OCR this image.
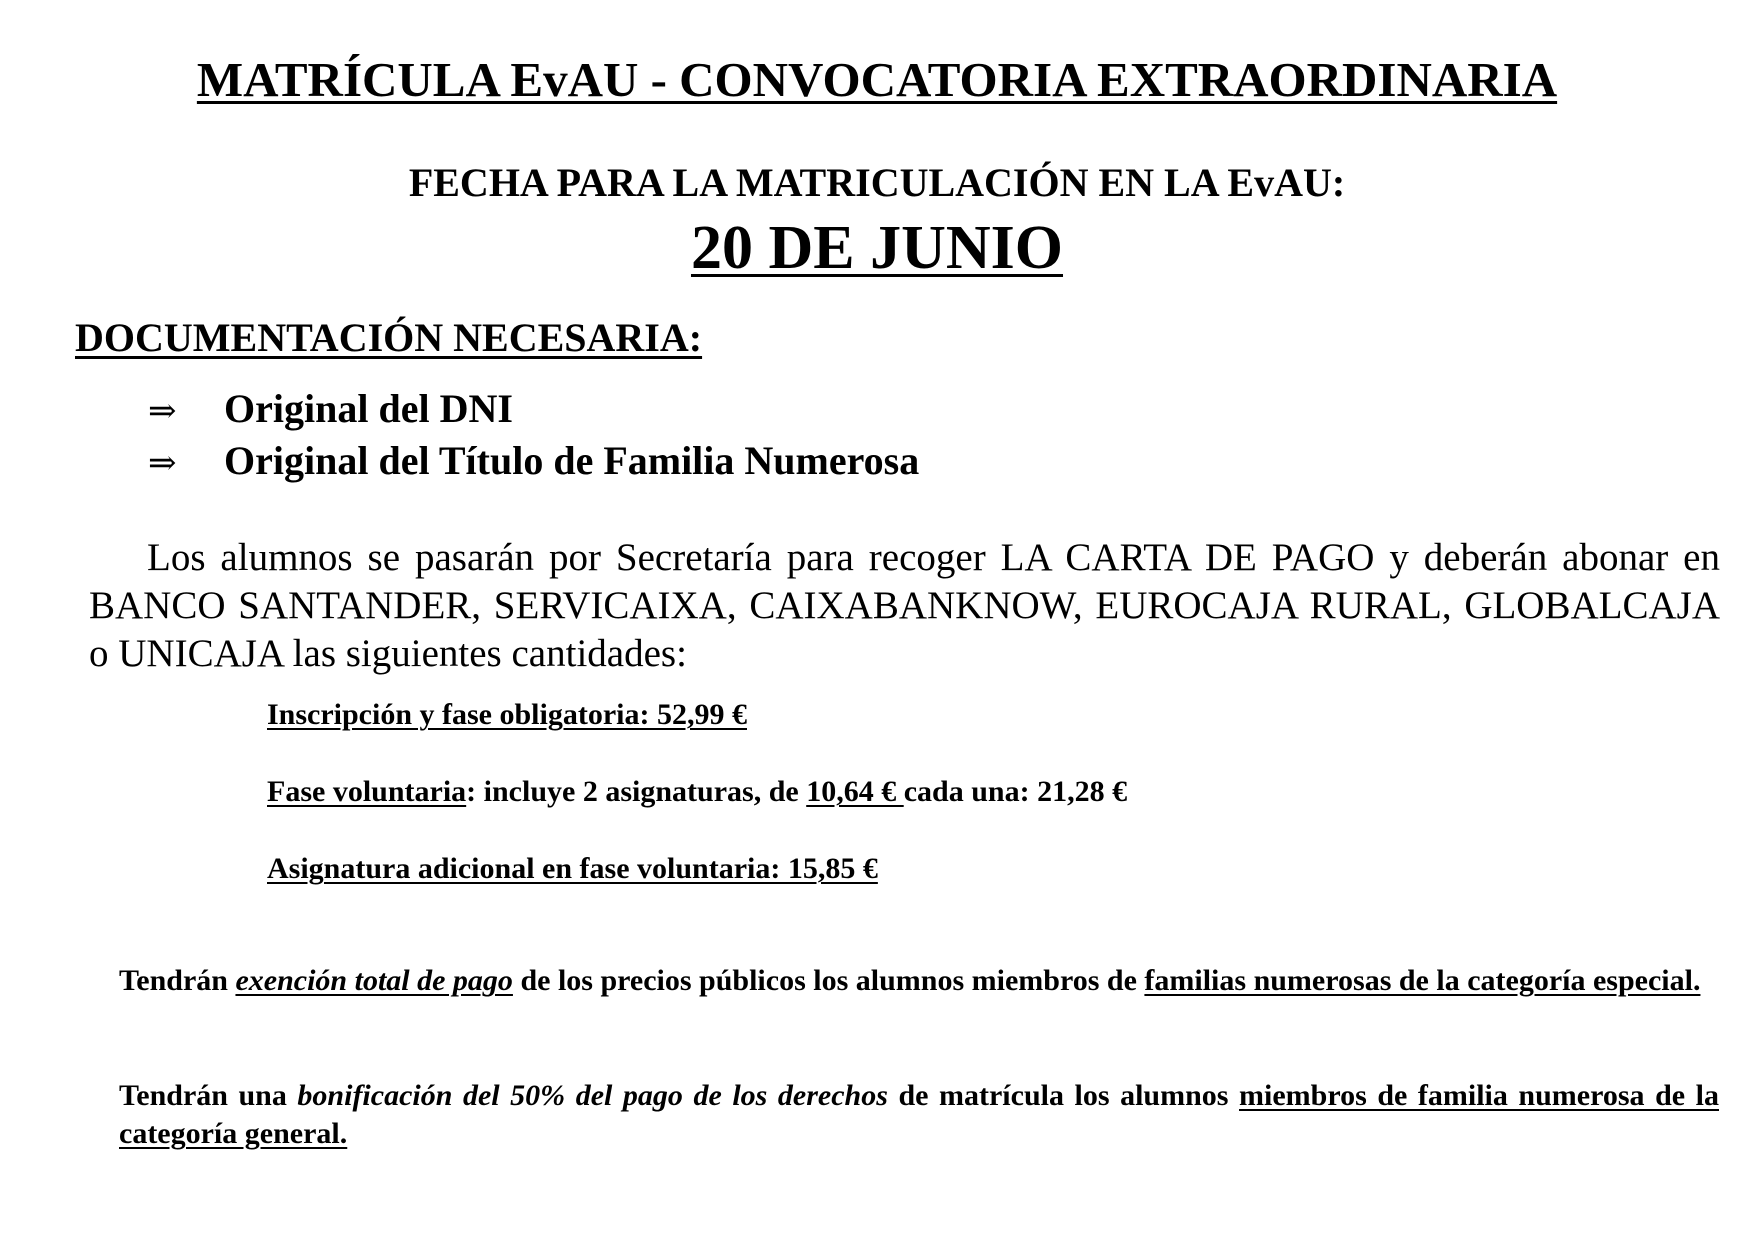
MATRÍCULA EvAU - CONVOCATORIA EXTRAORDINARIA
FECHA PARA LA MATRICULACIÓN EN LA EvAU:
20 DE JUNIO
DOCUMENTACIÓN NECESARIA:
⇒ Original del DNI
⇒ Original del Título de Familia Numerosa
Los alumnos se pasarán por Secretaría para recoger LA CARTA DE PAGO y deberán abonar en BANCO SANTANDER, SERVICAIXA, CAIXABANKNOW, EUROCAJA RURAL, GLOBALCAJA o UNICAJA las siguientes cantidades:
Inscripción y fase obligatoria: 52,99 €
Fase voluntaria: incluye 2 asignaturas, de 10,64 € cada una: 21,28 €
Asignatura adicional en fase voluntaria: 15,85 €
Tendrán exención total de pago de los precios públicos los alumnos miembros de familias numerosas de la categoría especial.
Tendrán una bonificación del 50% del pago de los derechos de matrícula los alumnos miembros de familia numerosa de la categoría general.
